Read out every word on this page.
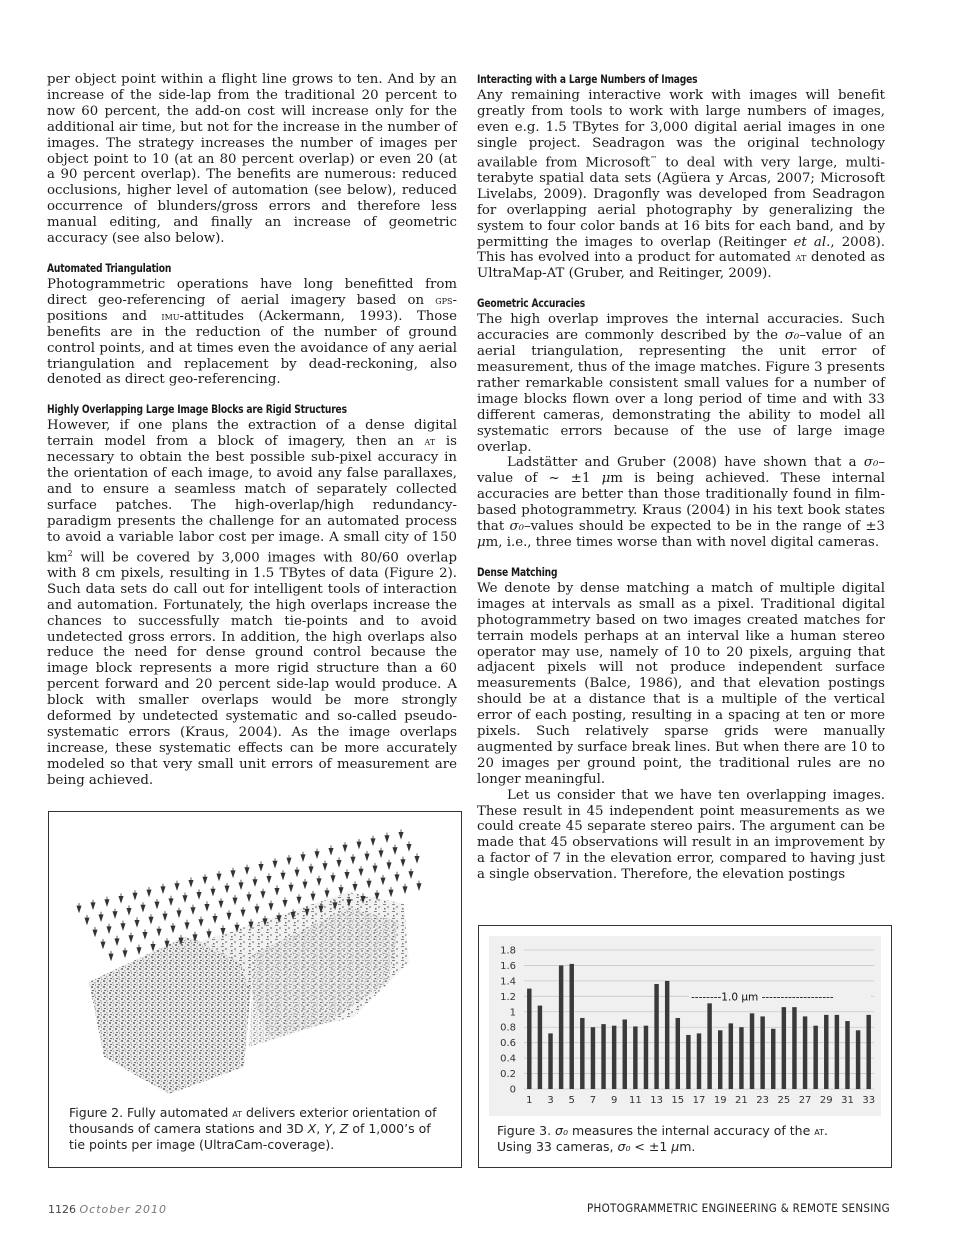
per object point within a flight line grows to ten. And by an increase of the side-lap from the traditional 20 percent to now 60 percent, the add-on cost will increase only for the additional air time, but not for the increase in the number of images. The strategy increases the number of images per object point to 10 (at an 80 percent overlap) or even 20 (at a 90 percent overlap). The benefits are numerous: reduced occlusions, higher level of automation (see below), reduced occurrence of blunders/gross errors and therefore less manual editing, and finally an increase of geometric accuracy (see also below).

Automated Triangulation

Photogrammetric operations have long benefitted from direct geo-referencing of aerial imagery based on gps-positions and imu-attitudes (Ackermann, 1993). Those benefits are in the reduction of the number of ground control points, and at times even the avoidance of any aerial triangulation and replacement by dead-reckoning, also denoted as direct geo-referencing.

Highly Overlapping Large Image Blocks are Rigid Structures

However, if one plans the extraction of a dense digital terrain model from a block of imagery, then an at is necessary to obtain the best possible sub-pixel accuracy in the orientation of each image, to avoid any false parallaxes, and to ensure a seamless match of separately collected surface patches. The high-overlap/high redundancy-paradigm presents the challenge for an automated process to avoid a variable labor cost per image. A small city of 150 $km^2$ will be covered by 3,000 images with 80/60 overlap with 8 cm pixels, resulting in 1.5 TBytes of data (Figure 2). Such data sets do call out for intelligent tools of interaction and automation. Fortunately, the high overlaps increase the chances to successfully match tie-points and to avoid undetected gross errors. In addition, the high overlaps also reduce the need for dense ground control because the image block represents a more rigid structure than a 60 percent forward and 20 percent side-lap would produce. A block with smaller overlaps would be more strongly deformed by undetected systematic and so-called pseudo-systematic errors (Kraus, 2004). As the image overlaps increase, these systematic effects can be more accurately modeled so that very small unit errors of measurement are being achieved.

Interacting with a Large Numbers of Images

Any remaining interactive work with images will benefit greatly from tools to work with large numbers of images, even e.g. 1.5 TBytes for 3,000 digital aerial images in one single project. Seadragon was the original technology available from Microsoft™ to deal with very large, multi-terabyte spatial data sets (Agüera y Arcas, 2007; Microsoft Livelabs, 2009). Dragonfly was developed from Seadragon for overlapping aerial photography by generalizing the system to four color bands at 16 bits for each band, and by permitting the images to overlap (Reitinger et al., 2008). This has evolved into a product for automated at denoted as UltraMap-AT (Gruber, and Reitinger, 2009).

Geometric Accuracies

The high overlap improves the internal accuracies. Such accuracies are commonly described by the σ₀–value of an aerial triangulation, representing the unit error of measurement, thus of the image matches. Figure 3 presents rather remarkable consistent small values for a number of image blocks flown over a long period of time and with 33 different cameras, demonstrating the ability to model all systematic errors because of the use of large image overlap.

Ladstätter and Gruber (2008) have shown that a σ₀–value of ~ ±1 μm is being achieved. These internal accuracies are better than those traditionally found in film-based photogrammetry. Kraus (2004) in his text book states that σ₀–values should be expected to be in the range of ±3 μm, i.e., three times worse than with novel digital cameras.

Dense Matching

We denote by dense matching a match of multiple digital images at intervals as small as a pixel. Traditional digital photogrammetry based on two images created matches for terrain models perhaps at an interval like a human stereo operator may use, namely of 10 to 20 pixels, arguing that adjacent pixels will not produce independent surface measurements (Balce, 1986), and that elevation postings should be at a distance that is a multiple of the vertical error of each posting, resulting in a spacing at ten or more pixels. Such relatively sparse grids were manually augmented by surface break lines. But when there are 10 to 20 images per ground point, the traditional rules are no longer meaningful.

Let us consider that we have ten overlapping images. These result in 45 independent point measurements as we could create 45 separate stereo pairs. The argument can be made that 45 observations will result in an improvement by a factor of 7 in the elevation error, compared to having just a single observation. Therefore, the elevation postings

Figure 2. Fully automated at delivers exterior orientation of thousands of camera stations and 3D X, Y, Z of 1,000’s of tie points per image (UltraCam-coverage).
0
0.2
0.4
0.6
0.8
1
1.2
1.4
1.6
1.8
1 3 5 7 9 11 13 15 17 19 21 23 25 27 29 31 33
--------1.0 µm -------------------
Figure 3. σ₀ measures the internal accuracy of the at.
Using 33 cameras, σ₀ < ±1 μm.
1126 October 2010	PHOTOGRAMMETRIC ENGINEERING & REMOTE SENSING
